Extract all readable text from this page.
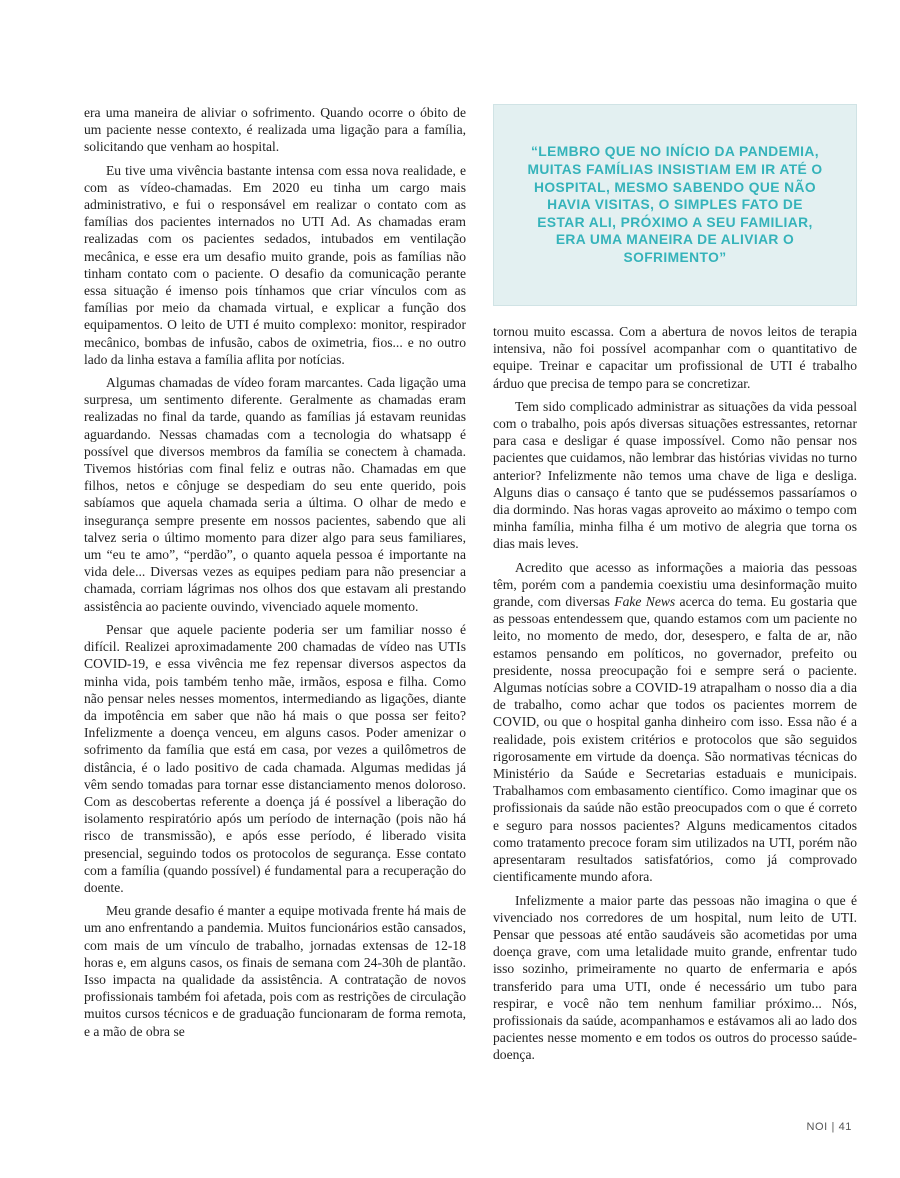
era uma maneira de aliviar o sofrimento. Quando ocorre o óbito de um paciente nesse contexto, é realizada uma ligação para a família, solicitando que venham ao hospital.

Eu tive uma vivência bastante intensa com essa nova realidade, e com as vídeo-chamadas. Em 2020 eu tinha um cargo mais administrativo, e fui o responsável em realizar o contato com as famílias dos pacientes internados no UTI Ad. As chamadas eram realizadas com os pacientes sedados, intubados em ventilação mecânica, e esse era um desafio muito grande, pois as famílias não tinham contato com o paciente. O desafio da comunicação perante essa situação é imenso pois tínhamos que criar vínculos com as famílias por meio da chamada virtual, e explicar a função dos equipamentos. O leito de UTI é muito complexo: monitor, respirador mecânico, bombas de infusão, cabos de oximetria, fios... e no outro lado da linha estava a família aflita por notícias.

Algumas chamadas de vídeo foram marcantes. Cada ligação uma surpresa, um sentimento diferente. Geralmente as chamadas eram realizadas no final da tarde, quando as famílias já estavam reunidas aguardando. Nessas chamadas com a tecnologia do whatsapp é possível que diversos membros da família se conectem à chamada. Tivemos histórias com final feliz e outras não. Chamadas em que filhos, netos e cônjuge se despediam do seu ente querido, pois sabíamos que aquela chamada seria a última. O olhar de medo e insegurança sempre presente em nossos pacientes, sabendo que ali talvez seria o último momento para dizer algo para seus familiares, um “eu te amo”, “perdão”, o quanto aquela pessoa é importante na vida dele... Diversas vezes as equipes pediam para não presenciar a chamada, corriam lágrimas nos olhos dos que estavam ali prestando assistência ao paciente ouvindo, vivenciado aquele momento.

Pensar que aquele paciente poderia ser um familiar nosso é difícil. Realizei aproximadamente 200 chamadas de vídeo nas UTIs COVID-19, e essa vivência me fez repensar diversos aspectos da minha vida, pois também tenho mãe, irmãos, esposa e filha. Como não pensar neles nesses momentos, intermediando as ligações, diante da impotência em saber que não há mais o que possa ser feito? Infelizmente a doença venceu, em alguns casos. Poder amenizar o sofrimento da família que está em casa, por vezes a quilômetros de distância, é o lado positivo de cada chamada. Algumas medidas já vêm sendo tomadas para tornar esse distanciamento menos doloroso. Com as descobertas referente a doença já é possível a liberação do isolamento respiratório após um período de internação (pois não há risco de transmissão), e após esse período, é liberado visita presencial, seguindo todos os protocolos de segurança. Esse contato com a família (quando possível) é fundamental para a recuperação do doente.

Meu grande desafio é manter a equipe motivada frente há mais de um ano enfrentando a pandemia. Muitos funcionários estão cansados, com mais de um vínculo de trabalho, jornadas extensas de 12-18 horas e, em alguns casos, os finais de semana com 24-30h de plantão. Isso impacta na qualidade da assistência. A contratação de novos profissionais também foi afetada, pois com as restrições de circulação muitos cursos técnicos e de graduação funcionaram de forma remota, e a mão de obra se

“LEMBRO QUE NO INÍCIO DA PANDEMIA, MUITAS FAMÍLIAS INSISTIAM EM IR ATÉ O HOSPITAL, MESMO SABENDO QUE NÃO HAVIA VISITAS, O SIMPLES FATO DE ESTAR ALI, PRÓXIMO A SEU FAMILIAR, ERA UMA MANEIRA DE ALIVIAR O SOFRIMENTO”

tornou muito escassa. Com a abertura de novos leitos de terapia intensiva, não foi possível acompanhar com o quantitativo de equipe. Treinar e capacitar um profissional de UTI é trabalho árduo que precisa de tempo para se concretizar.

Tem sido complicado administrar as situações da vida pessoal com o trabalho, pois após diversas situações estressantes, retornar para casa e desligar é quase impossível. Como não pensar nos pacientes que cuidamos, não lembrar das histórias vividas no turno anterior? Infelizmente não temos uma chave de liga e desliga. Alguns dias o cansaço é tanto que se pudéssemos passaríamos o dia dormindo. Nas horas vagas aproveito ao máximo o tempo com minha família, minha filha é um motivo de alegria que torna os dias mais leves.

Acredito que acesso as informações a maioria das pessoas têm, porém com a pandemia coexistiu uma desinformação muito grande, com diversas Fake News acerca do tema. Eu gostaria que as pessoas entendessem que, quando estamos com um paciente no leito, no momento de medo, dor, desespero, e falta de ar, não estamos pensando em políticos, no governador, prefeito ou presidente, nossa preocupação foi e sempre será o paciente. Algumas notícias sobre a COVID-19 atrapalham o nosso dia a dia de trabalho, como achar que todos os pacientes morrem de COVID, ou que o hospital ganha dinheiro com isso. Essa não é a realidade, pois existem critérios e protocolos que são seguidos rigorosamente em virtude da doença. São normativas técnicas do Ministério da Saúde e Secretarias estaduais e municipais. Trabalhamos com embasamento científico. Como imaginar que os profissionais da saúde não estão preocupados com o que é correto e seguro para nossos pacientes? Alguns medicamentos citados como tratamento precoce foram sim utilizados na UTI, porém não apresentaram resultados satisfatórios, como já comprovado cientificamente mundo afora.

Infelizmente a maior parte das pessoas não imagina o que é vivenciado nos corredores de um hospital, num leito de UTI. Pensar que pessoas até então saudáveis são acometidas por uma doença grave, com uma letalidade muito grande, enfrentar tudo isso sozinho, primeiramente no quarto de enfermaria e após transferido para uma UTI, onde é necessário um tubo para respirar, e você não tem nenhum familiar próximo... Nós, profissionais da saúde, acompanhamos e estávamos ali ao lado dos pacientes nesse momento e em todos os outros do processo saúde-doença.

NOI | 41
